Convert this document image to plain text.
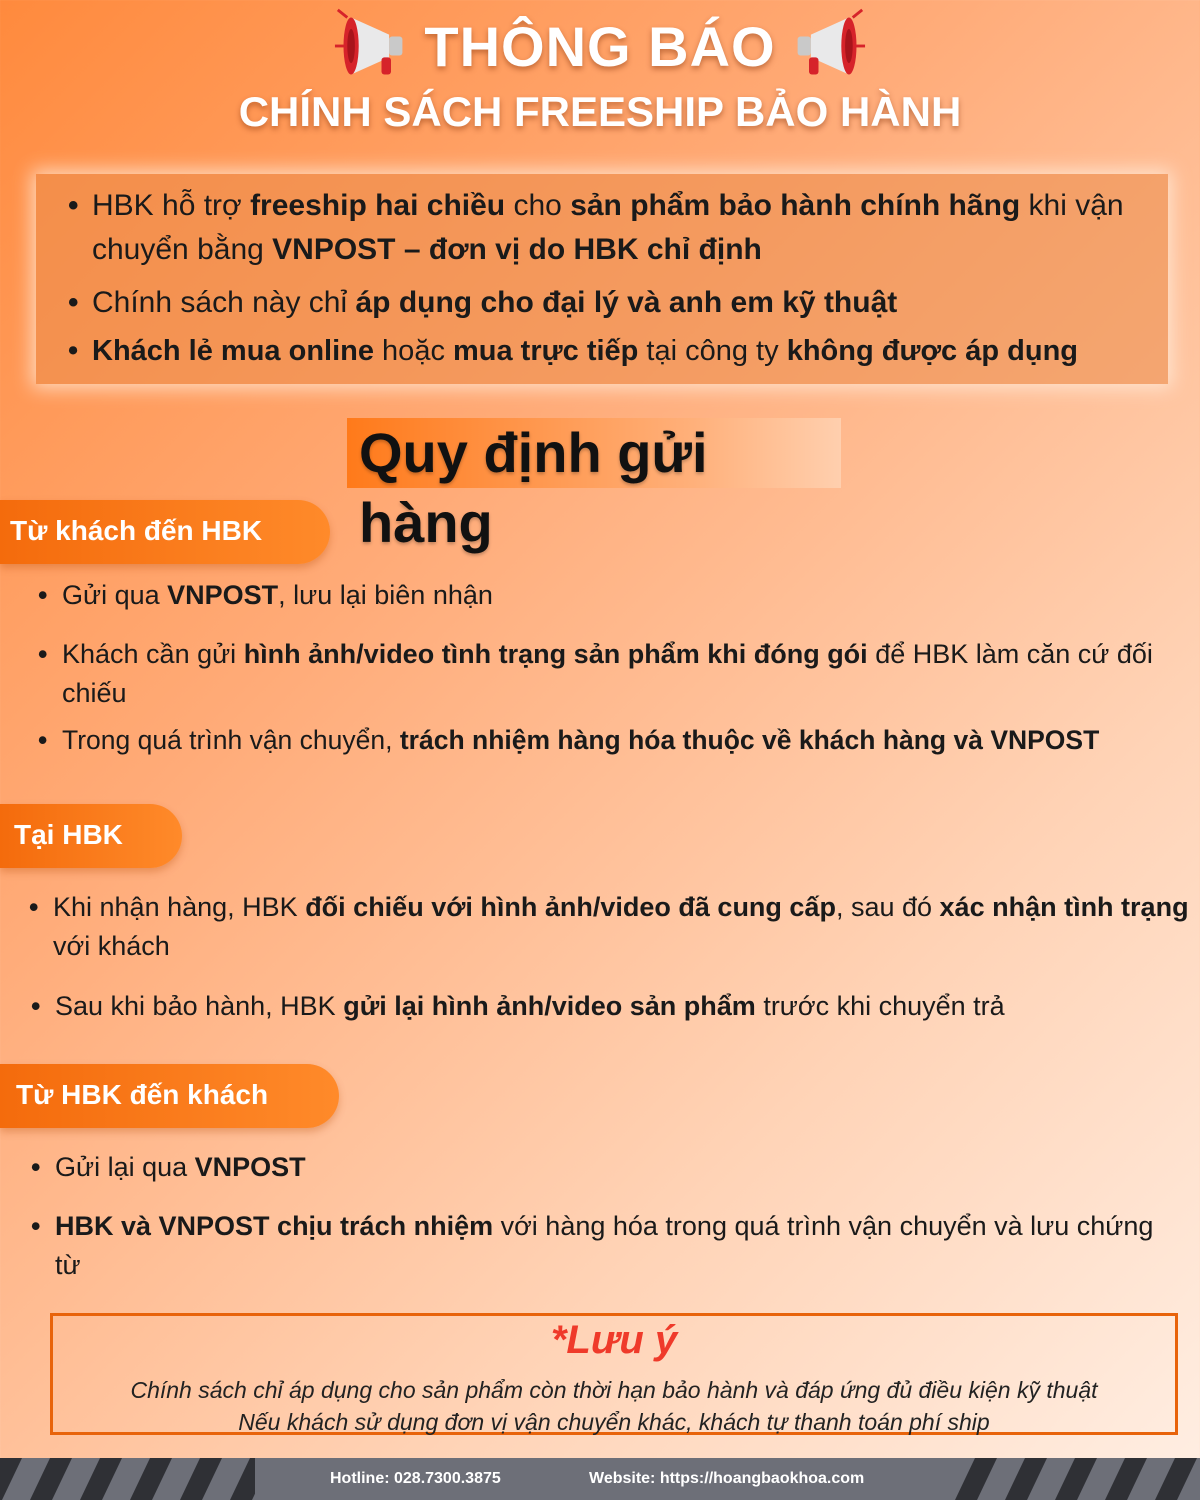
THÔNG BÁO
CHÍNH SÁCH FREESHIP BẢO HÀNH
• HBK hỗ trợ freeship hai chiều cho sản phẩm bảo hành chính hãng khi vận chuyển bằng VNPOST – đơn vị do HBK chỉ định
• Chính sách này chỉ áp dụng cho đại lý và anh em kỹ thuật
• Khách lẻ mua online hoặc mua trực tiếp tại công ty không được áp dụng
Quy định gửi hàng
Từ khách đến HBK
• Gửi qua VNPOST, lưu lại biên nhận
• Khách cần gửi hình ảnh/video tình trạng sản phẩm khi đóng gói để HBK làm căn cứ đối chiếu
• Trong quá trình vận chuyển, trách nhiệm hàng hóa thuộc về khách hàng và VNPOST
Tại HBK
• Khi nhận hàng, HBK đối chiếu với hình ảnh/video đã cung cấp, sau đó xác nhận tình trạng với khách
• Sau khi bảo hành, HBK gửi lại hình ảnh/video sản phẩm trước khi chuyển trả
Từ HBK đến khách
• Gửi lại qua VNPOST
• HBK và VNPOST chịu trách nhiệm với hàng hóa trong quá trình vận chuyển và lưu chứng từ
*Lưu ý
Chính sách chỉ áp dụng cho sản phẩm còn thời hạn bảo hành và đáp ứng đủ điều kiện kỹ thuật
Nếu khách sử dụng đơn vị vận chuyển khác, khách tự thanh toán phí ship
Hotline: 028.7300.3875	Website: https://hoangbaokhoa.com
